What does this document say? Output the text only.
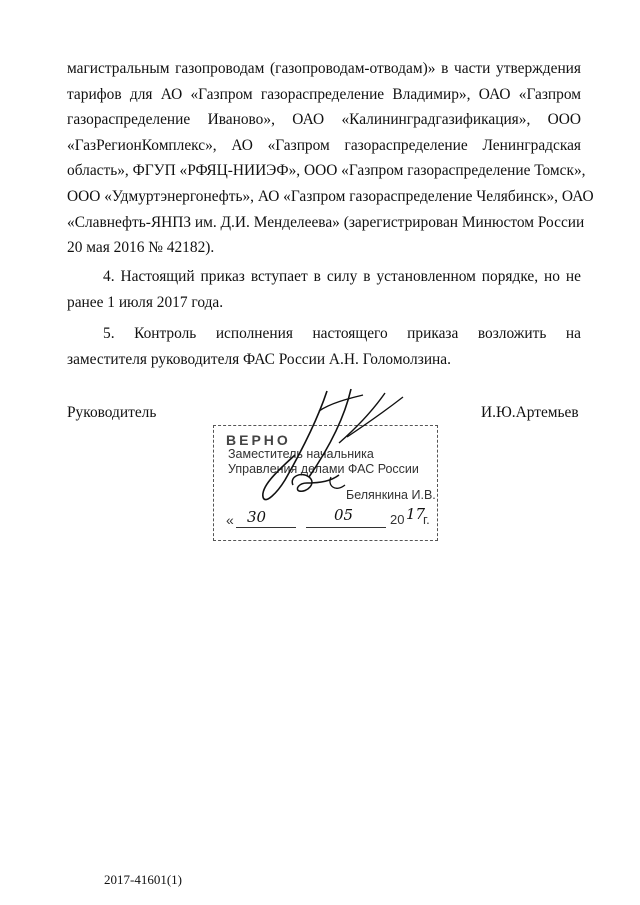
магистральным газопроводам (газопроводам-отводам)» в части утверждения
тарифов для АО «Газпром газораспределение Владимир», ОАО «Газпром
газораспределение Иваново», ОАО «Калининградгазификация», ООО
«ГазРегионКомплекс», АО «Газпром газораспределение Ленинградская
область», ФГУП «РФЯЦ-НИИЭФ», ООО «Газпром газораспределение Томск»,
ООО «Удмуртэнергонефть», АО «Газпром газораспределение Челябинск», ОАО
«Славнефть-ЯНПЗ им. Д.И. Менделеева» (зарегистрирован Минюстом России
20 мая 2016 № 42182).
4. Настоящий приказ вступает в силу в установленном порядке, но не
ранее 1 июля 2017 года.
5. Контроль исполнения настоящего приказа возложить на
заместителя руководителя ФАС России А.Н. Голомолзина.
Руководитель	И.Ю.Артемьев
ВЕРНО
Заместитель начальника
Управления делами ФАС России
Белянкина И.В.
« 30	05	20 17
г.
2017-41601(1)
